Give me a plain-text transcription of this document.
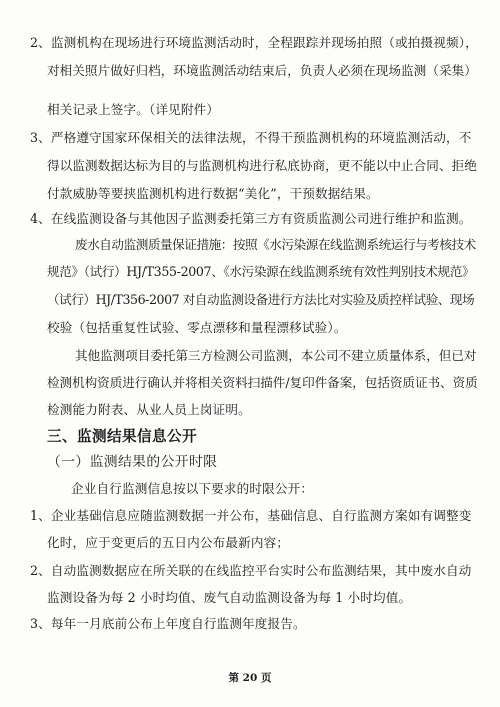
2、监测机构在现场进行环境监测活动时，全程跟踪并现场拍照（或拍摄视频），
对相关照片做好归档，环境监测活动结束后，负责人必须在现场监测（采集）
相关记录上签字。（详见附件）
3、严格遵守国家环保相关的法律法规，不得干预监测机构的环境监测活动，不
得以监测数据达标为目的与监测机构进行私底协商，更不能以中止合同、拒绝
付款威胁等要挟监测机构进行数据“美化”，干预数据结果。
4、在线监测设备与其他因子监测委托第三方有资质监测公司进行维护和监测。
废水自动监测质量保证措施：按照《水污染源在线监测系统运行与考核技术
规范》（试行）HJ/T355-2007、《水污染源在线监测系统有效性判别技术规范》
（试行）HJ/T356-2007 对自动监测设备进行方法比对实验及质控样试验、现场
校验（包括重复性试验、零点漂移和量程漂移试验）。
其他监测项目委托第三方检测公司监测，本公司不建立质量体系，但已对
检测机构资质进行确认并将相关资料扫描件/复印件备案，包括资质证书、资质
检测能力附表、从业人员上岗证明。
三、监测结果信息公开
（一）监测结果的公开时限
企业自行监测信息按以下要求的时限公开：
1、企业基础信息应随监测数据一并公布，基础信息、自行监测方案如有调整变
化时，应于变更后的五日内公布最新内容；
2、自动监测数据应在所关联的在线监控平台实时公布监测结果，其中废水自动
监测设备为每 2 小时均值、废气自动监测设备为每 1 小时均值。
3、每年一月底前公布上年度自行监测年度报告。
第 20 页
